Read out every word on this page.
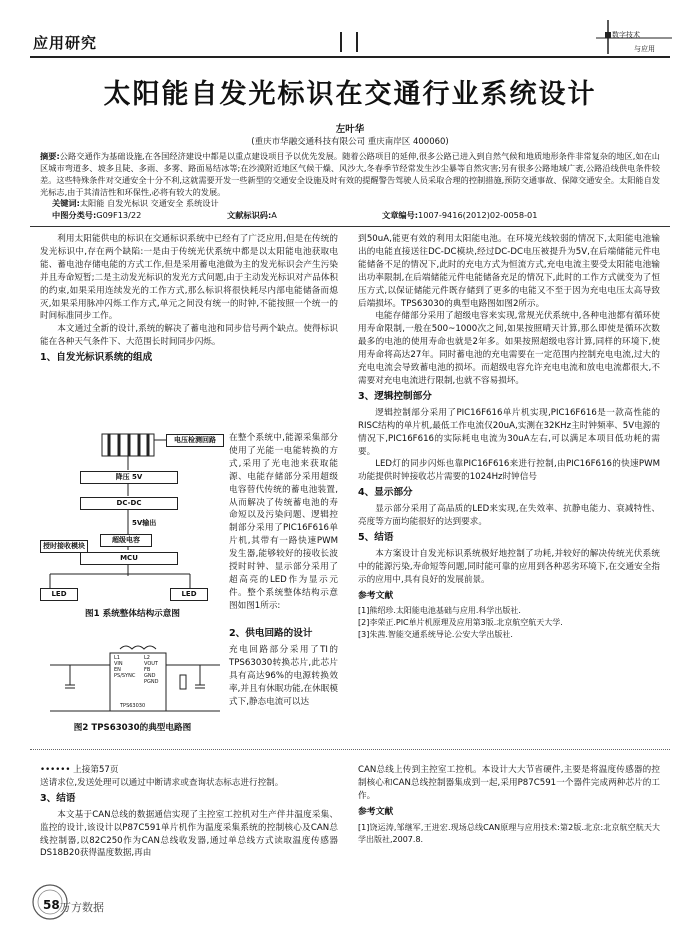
应用研究	数字技术
与应用
太阳能自发光标识在交通行业系统设计
左叶华
(重庆市华融交通科技有限公司 重庆南岸区 400060)
摘要:公路交通作为基础设施,在各国经济建设中都是以重点建设项目予以优先发展。随着公路项目的延伸,很多公路已进入到自然气候和地质地形条件非常复杂的地区,如在山区城市弯道多、坡多且陡、多雨、多雾、路面易结冰等;在沙漠附近地区气候干燥、风沙大,冬春季节经常发生沙尘暴等自然灾害;另有很多公路地域广袤,公路沿线供电条件较差。这些特殊条件对交通安全十分不利,这就需要开发一些新型的交通安全设施及时有效的提醒警告驾驶人员采取合理的控制措施,预防交通事故、保障交通安全。太阳能自发光标志,由于其清洁性和环保性,必将有较大的发展。
关键词:太阳能 自发光标识 交通安全 系统设计
中图分类号:G09F13/22	文献标识码:A	文章编号:1007-9416(2012)02-0058-01

利用太阳能供电的标识在交通标识系统中已经有了广泛应用,但是在传统的发光标识中,存在两个缺陷:一是由于传统光伏系统中都是以太阳能电池获取电能、蓄电池存储电能的方式工作,但是采用蓄电池做为主的发光标识会产生污染并且寿命短暂;二是主动发光标识的发光方式问题,由于主动发光标识对产品体积的约束,如果采用连续发光的工作方式,那么标识将很快耗尽内部电能储备而熄灭,如果采用脉冲闪烁工作方式,单元之间没有统一的时钟,不能按照一个统一的时间标准同步工作。

本文通过全新的设计,系统的解决了蓄电池和同步信号两个缺点。使得标识能在各种天气条件下、大范围长时间同步闪烁。

1、自发光标识系统的组成

在整个系统中,能源采集部分使用了光能一电能转换的方式,采用了光电池来获取能源、电能存储部分采用超级电容替代传统的蓄电池装置,从而解决了传统蓄电池的寿命短以及污染问题、逻辑控制部分采用了PIC16F616单片机,其带有一路快速PWM发生器,能够较好的接收长波授时时钟、显示部分采用了超高亮的LED作为显示元件。整个系统整体结构示意图如图1所示:

电压检测回路
降压 5V
DC-DC
5V输出
授时接收模块
超级电容
MCU
LED	LED
图1 系统整体结构示意图
2、供电回路的设计

充电回路部分采用了TI的TPS63030转换芯片,此芯片具有高达96%的电源转换效率,并且有休眠功能,在休眠模式下,静态电流可以达

L1
VIN
EN
PS/SYNC
L2
VOUT
FB
GND
PGND
TPS63030
图2 TPS63030的典型电路图

到50uA,能更有效的利用太阳能电池。在环境光线较弱的情况下,太阳能电池输出的电能直接送往DC-DC模块,经过DC-DC电压被提升为5V,在后端储能元件电能储备不足的情况下,此时的充电方式为恒流方式,充电电流主要受太阳能电池输出功率限制,在后端储能元件电能储备充足的情况下,此时的工作方式就变为了恒压方式,以保证储能元件既存储到了更多的电能又不至于因为充电电压太高导致后端损坏。TPS63030的典型电路图如图2所示。

电能存储部分采用了超级电容来实现,常规光伏系统中,各种电池都有循环使用寿命限制,一般在500~1000次之间,如果按照晴天计算,那么即使是循环次数最多的电池的使用寿命也就是2年多。如果按照超级电容计算,同样的环境下,使用寿命将高达27年。同时蓄电池的充电需要在一定范围内控制充电电流,过大的充电电流会导致蓄电池的损坏。而超级电容允许充电电流和放电电流都很大,不需要对充电电流进行限制,也就不容易损坏。

3、逻辑控制部分

逻辑控制部分采用了PIC16F616单片机实现,PIC16F616是一款高性能的RISC结构的单片机,最低工作电流仅20uA,实测在32KHz主时钟频率、5V电源的情况下,PIC16F616的实际耗电电流为30uA左右,可以满足本项目低功耗的需要。

LED灯的同步闪烁也靠PIC16F616来进行控制,由PIC16F616的快速PWM功能提供时钟接收芯片需要的1024Hz时钟信号

4、显示部分

显示部分采用了高品质的LED来实现,在失效率、抗静电能力、衰减特性、亮度等方面均能很好的达到要求。

5、结语

本方案设计自发光标识系统极好地控制了功耗,并较好的解决传统光伏系统中的能源污染,寿命短等问题,同时能可靠的应用到各种恶劣环境下,在交通安全指示的应用中,具有良好的发展前景。

参考文献
[1]熊绍珍.太阳能电池基础与应用.科学出版社.
[2]李荣正.PIC单片机原理及应用第3版.北京航空航天大学.
[3]朱茜.智能交通系统导论.公安大学出版社.
•••••• 上接第57页

送请求位,发送处理可以通过中断请求或查询状态标志进行控制。

3、结语

本文基于CAN总线的数据通信实现了主控室工控机对生产伴井温度采集、监控的设计,该设计以P87C591单片机作为温度采集系统的控制核心及CAN总线控制器,以82C250作为CAN总线收发器,通过单总线方式读取温度传感器DS18B20获得温度数据,再由

CAN总线上传到主控室工控机。本设计大大节省硬件,主要是将温度传感器的控制核心和CAN总线控制器集成到一起,采用P87C591一个器件完成两种芯片的工作。

参考文献
[1]饶运涛,邹继军,王进宏.现场总线CAN原理与应用技术:第2版.北京:北京航空航天大学出版社,2007.8.
58 万方数据
